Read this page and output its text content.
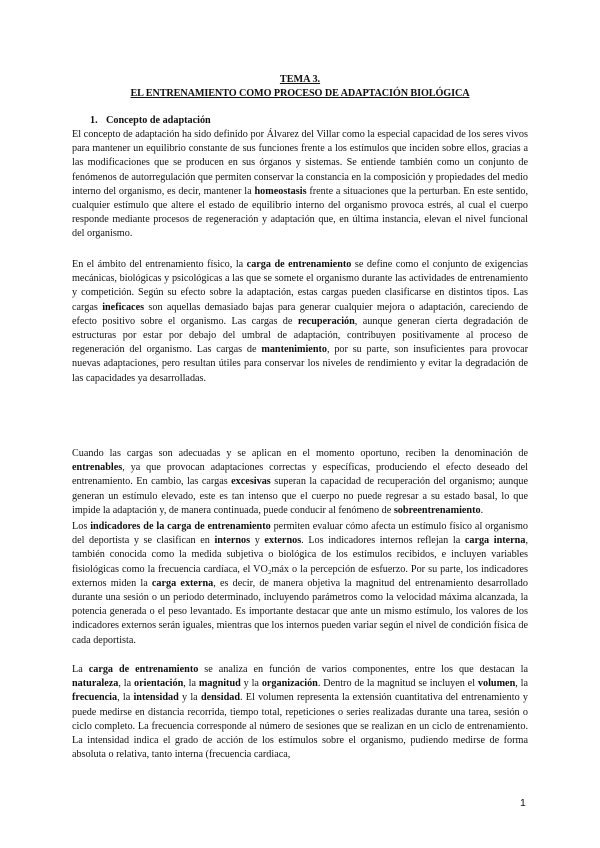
TEMA 3.
EL ENTRENAMIENTO COMO PROCESO DE ADAPTACIÓN BIOLÓGICA
1. Concepto de adaptación
El concepto de adaptación ha sido definido por Álvarez del Villar como la especial capacidad de los seres vivos para mantener un equilibrio constante de sus funciones frente a los estímulos que inciden sobre ellos, gracias a las modificaciones que se producen en sus órganos y sistemas. Se entiende también como un conjunto de fenómenos de autorregulación que permiten conservar la constancia en la composición y propiedades del medio interno del organismo, es decir, mantener la homeostasis frente a situaciones que la perturban. En este sentido, cualquier estímulo que altere el estado de equilibrio interno del organismo provoca estrés, al cual el cuerpo responde mediante procesos de regeneración y adaptación que, en última instancia, elevan el nivel funcional del organismo.
En el ámbito del entrenamiento físico, la carga de entrenamiento se define como el conjunto de exigencias mecánicas, biológicas y psicológicas a las que se somete el organismo durante las actividades de entrenamiento y competición. Según su efecto sobre la adaptación, estas cargas pueden clasificarse en distintos tipos. Las cargas ineficaces son aquellas demasiado bajas para generar cualquier mejora o adaptación, careciendo de efecto positivo sobre el organismo. Las cargas de recuperación, aunque generan cierta degradación de estructuras por estar por debajo del umbral de adaptación, contribuyen positivamente al proceso de regeneración del organismo. Las cargas de mantenimiento, por su parte, son insuficientes para provocar nuevas adaptaciones, pero resultan útiles para conservar los niveles de rendimiento y evitar la degradación de las capacidades ya desarrolladas.
Cuando las cargas son adecuadas y se aplican en el momento oportuno, reciben la denominación de entrenables, ya que provocan adaptaciones correctas y específicas, produciendo el efecto deseado del entrenamiento. En cambio, las cargas excesivas superan la capacidad de recuperación del organismo; aunque generan un estímulo elevado, este es tan intenso que el cuerpo no puede regresar a su estado basal, lo que impide la adaptación y, de manera continuada, puede conducir al fenómeno de sobreentrenamiento.
Los indicadores de la carga de entrenamiento permiten evaluar cómo afecta un estímulo físico al organismo del deportista y se clasifican en internos y externos. Los indicadores internos reflejan la carga interna, también conocida como la medida subjetiva o biológica de los estímulos recibidos, e incluyen variables fisiológicas como la frecuencia cardíaca, el VO₂máx o la percepción de esfuerzo. Por su parte, los indicadores externos miden la carga externa, es decir, de manera objetiva la magnitud del entrenamiento desarrollado durante una sesión o un periodo determinado, incluyendo parámetros como la velocidad máxima alcanzada, la potencia generada o el peso levantado. Es importante destacar que ante un mismo estímulo, los valores de los indicadores externos serán iguales, mientras que los internos pueden variar según el nivel de condición física de cada deportista.
La carga de entrenamiento se analiza en función de varios componentes, entre los que destacan la naturaleza, la orientación, la magnitud y la organización. Dentro de la magnitud se incluyen el volumen, la frecuencia, la intensidad y la densidad. El volumen representa la extensión cuantitativa del entrenamiento y puede medirse en distancia recorrida, tiempo total, repeticiones o series realizadas durante una tarea, sesión o ciclo completo. La frecuencia corresponde al número de sesiones que se realizan en un ciclo de entrenamiento. La intensidad indica el grado de acción de los estímulos sobre el organismo, pudiendo medirse de forma absoluta o relativa, tanto interna (frecuencia cardiaca,
1
